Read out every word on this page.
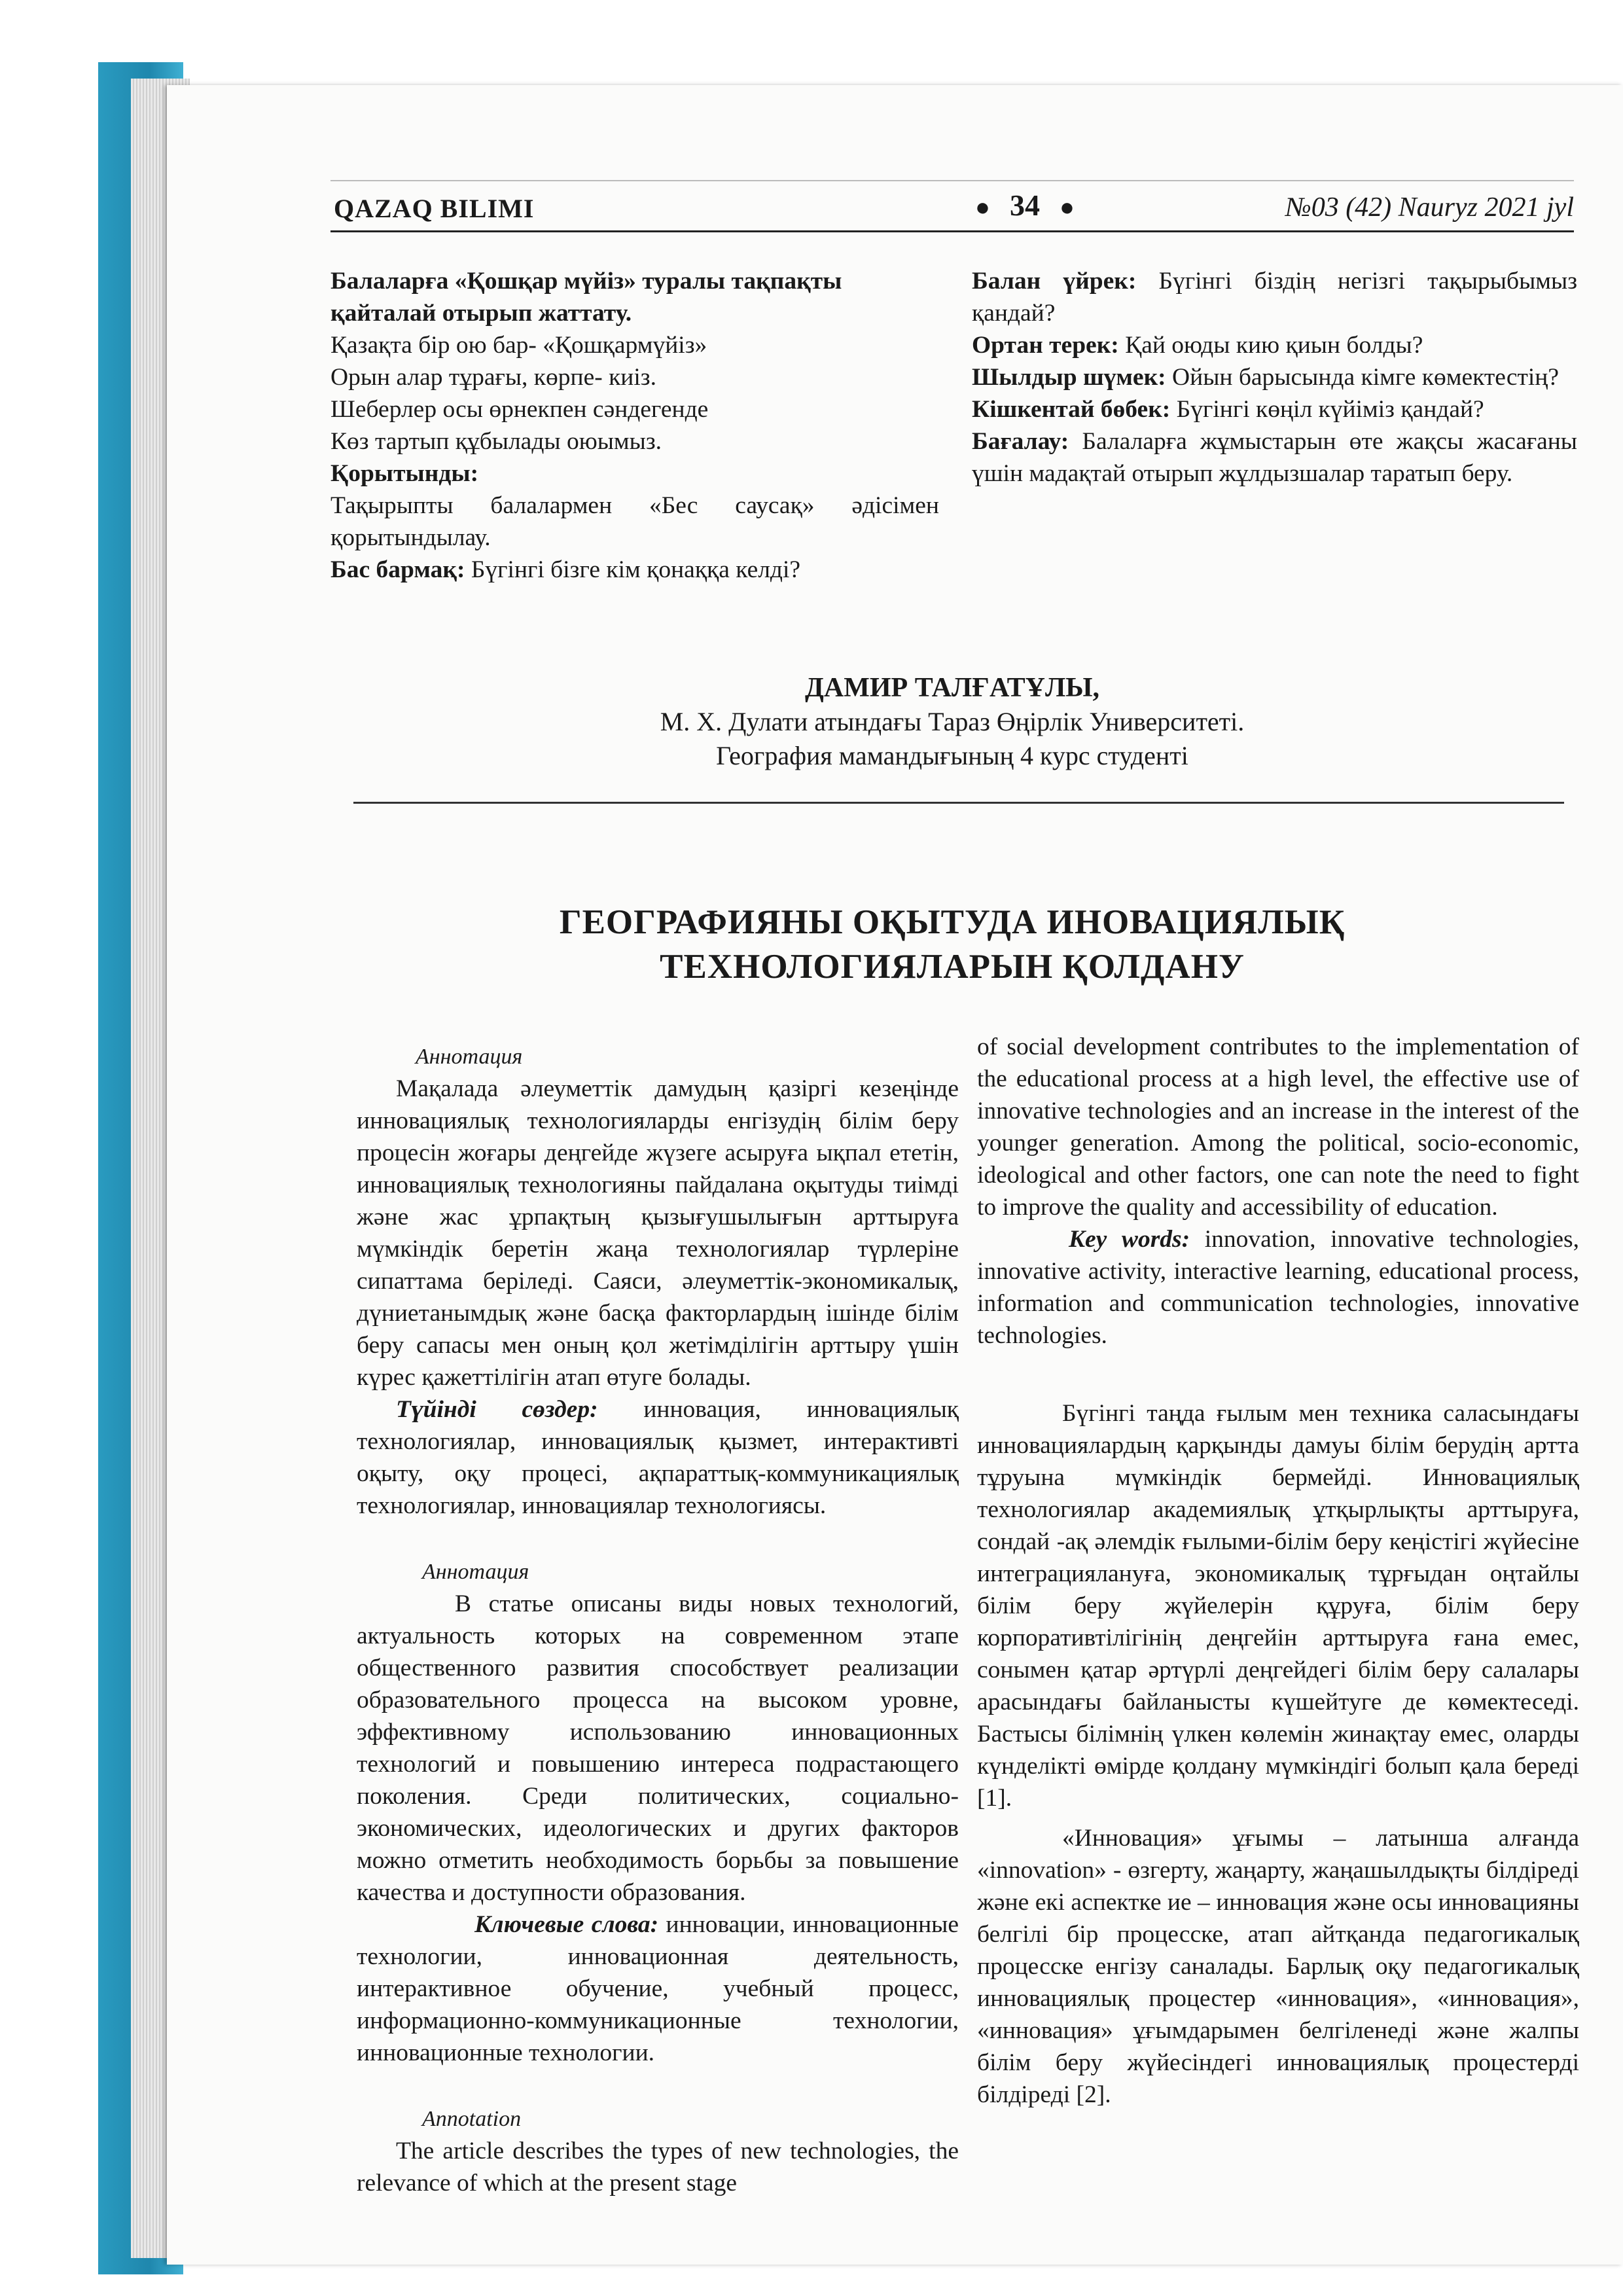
QAZAQ BILIMI	● 34 ●	№03 (42) Nauryz 2021 jyl

Балаларға «Қошқар мүйіз» туралы тақпақты қайталай отырып жаттату.

Қазақта бір ою бар- «Қошқармүйіз»

Орын алар тұрағы, көрпе- киіз.

Шеберлер осы өрнекпен сәндегенде

Көз тартып құбылады оюымыз.

Қорытынды:

Тақырыпты балалармен «Бес саусақ» әдісімен қорытындылау.

Бас бармақ: Бүгінгі бізге кім қонаққа келді?

Балан үйрек: Бүгінгі біздің негізгі тақырыбымыз қандай?

Ортан терек: Қай оюды кию қиын болды?

Шылдыр шүмек: Ойын барысында кімге көмектестің?

Кішкентай бөбек: Бүгінгі көңіл күйіміз қандай?

Бағалау: Балаларға жұмыстарын өте жақсы жасағаны үшін мадақтай отырып жұлдызшалар таратып беру.

ДАМИР ТАЛҒАТҰЛЫ,
М. Х. Дулати атындағы Тараз Өңірлік Университеті.
География мамандығының 4 курс студенті
ГЕОГРАФИЯНЫ ОҚЫТУДА ИНОВАЦИЯЛЫҚ
ТЕХНОЛОГИЯЛАРЫН ҚОЛДАНУ

Аннотация

Мақалада әлеуметтік дамудың қазіргі кезеңінде инновациялық технологияларды енгізудің білім беру процесін жоғары деңгейде жүзеге асыруға ықпал ететін, инновациялық технологияны пайдалана оқытуды тиімді және жас ұрпақтың қызығушылығын арттыруға мүмкіндік беретін жаңа технологиялар түрлеріне сипаттама беріледі. Саяси, әлеуметтік-экономикалық, дүниетанымдық және басқа факторлардың ішінде білім беру сапасы мен оның қол жетімділігін арттыру үшін күрес қажеттілігін атап өтуге болады.

Түйінді сөздер: инновация, инновациялық технологиялар, инновациялық қызмет, интерактивті оқыту, оқу процесі, ақпараттық-коммуникациялық технологиялар, инновациялар технологиясы.

Аннотация

В статье описаны виды новых технологий, актуальность которых на современном этапе общественного развития способствует реализации образовательного процесса на высоком уровне, эффективному использованию инновационных технологий и повышению интереса подрастающего поколения. Среди политических, социально-экономических, идеологических и других факторов можно отметить необходимость борьбы за повышение качества и доступности образования.

Ключевые слова: инновации, инновационные технологии, инновационная деятельность, интерактивное обучение, учебный процесс, информационно-коммуникационные технологии, инновационные технологии.

Annotation

The article describes the types of new technologies, the relevance of which at the present stage

of social development contributes to the implementation of the educational process at a high level, the effective use of innovative technologies and an increase in the interest of the younger generation. Among the political, socio-economic, ideological and other factors, one can note the need to fight to improve the quality and accessibility of education.

Key words: innovation, innovative technologies, innovative activity, interactive learning, educational process, information and communication technologies, innovative technologies.

Бүгінгі таңда ғылым мен техника саласындағы инновациялардың қарқынды дамуы білім берудің артта тұруына мүмкіндік бермейді. Инновациялық технологиялар академиялық ұтқырлықты арттыруға, сондай -ақ әлемдік ғылыми-білім беру кеңістігі жүйесіне интеграциялануға, экономикалық тұрғыдан оңтайлы білім беру жүйелерін құруға, білім беру корпоративтілігінің деңгейін арттыруға ғана емес, сонымен қатар әртүрлі деңгейдегі білім беру салалары арасындағы байланысты күшейтуге де көмектеседі. Бастысы білімнің үлкен көлемін жинақтау емес, оларды күнделікті өмірде қолдану мүмкіндігі болып қала береді [1].

«Инновация» ұғымы – латынша алғанда «innovation» - өзгерту, жаңарту, жаңашылдықты білдіреді және екі аспектке ие – инновация және осы инновацияны белгілі бір процесске, атап айтқанда педагогикалық процесске енгізу саналады. Барлық оқу педагогикалық инновациялық процестер «инновация», «инновация», «инновация» ұғымдарымен белгіленеді және жалпы білім беру жүйесіндегі инновациялық процестерді білдіреді [2].
